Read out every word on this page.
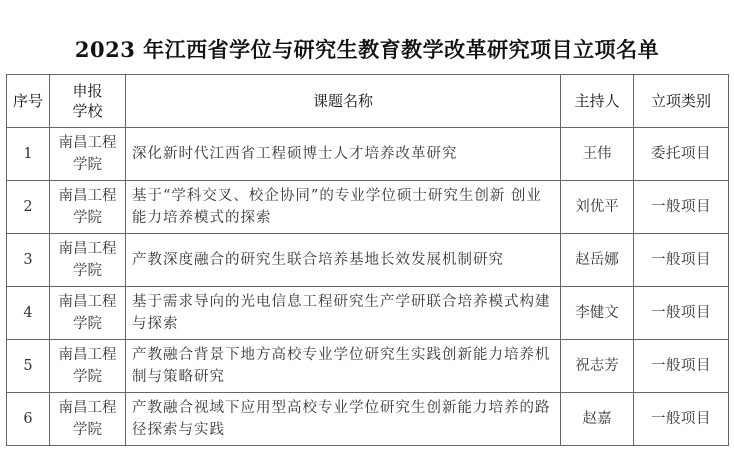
2023 年江西省学位与研究生教育教学改革研究项目立项名单
序号	申报学校	课题名称	主持人	立项类别

1	南昌工程学院	深化新时代江西省工程硕博士人才培养改革研究	王伟	委托项目

2	南昌工程学院	基于“学科交叉、校企协同”的专业学位硕士研究生创新 创业能力培养模式的探索	刘优平	一般项目

3	南昌工程学院	产教深度融合的研究生联合培养基地长效发展机制研究	赵岳娜	一般项目

4	南昌工程学院	基于需求导向的光电信息工程研究生产学研联合培养模式构建与探索	李健文	一般项目

5	南昌工程学院	产教融合背景下地方高校专业学位研究生实践创新能力培养机制与策略研究	祝志芳	一般项目

6	南昌工程学院	产教融合视域下应用型高校专业学位研究生创新能力培养的路径探索与实践	赵嘉	一般项目
